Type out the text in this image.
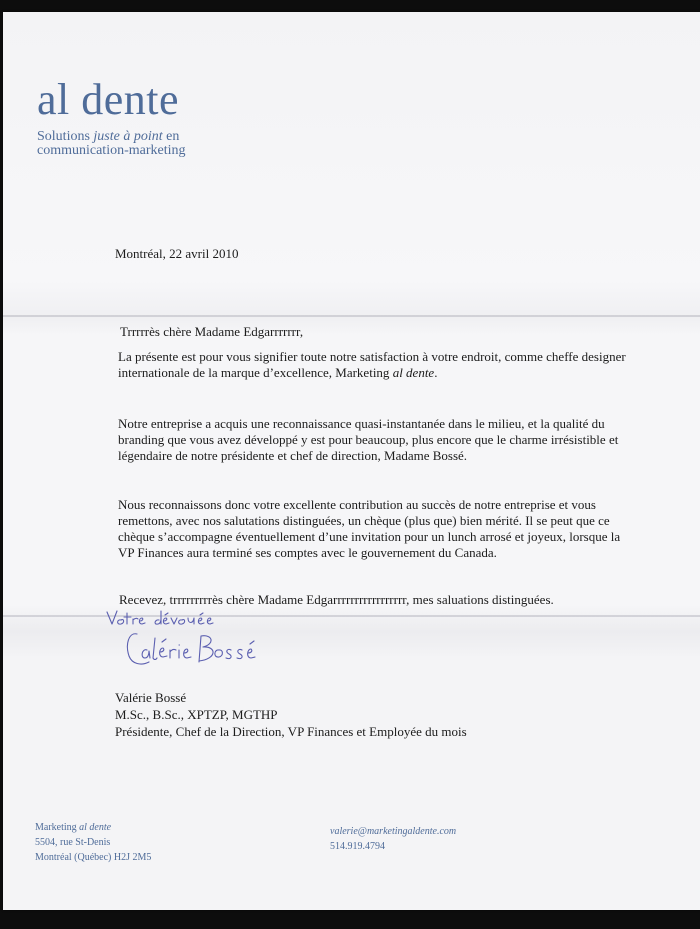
al dente
Solutions juste à point en
communication-marketing
Montréal, 22 avril 2010
Trrrrrès chère Madame Edgarrrrrrr,
La présente est pour vous signifier toute notre satisfaction à votre endroit, comme cheffe designer internationale de la marque d’excellence, Marketing al dente.
Notre entreprise a acquis une reconnaissance quasi-instantanée dans le milieu, et la qualité du branding que vous avez développé y est pour beaucoup, plus encore que le charme irrésistible et légendaire de notre présidente et chef de direction, Madame Bossé.
Nous reconnaissons donc votre excellente contribution au succès de notre entreprise et vous remettons, avec nos salutations distinguées, un chèque (plus que) bien mérité. Il se peut que ce chèque s’accompagne éventuellement d’une invitation pour un lunch arrosé et joyeux, lorsque la VP Finances aura terminé ses comptes avec le gouvernement du Canada.
Recevez, trrrrrrrrrès chère Madame Edgarrrrrrrrrrrrrrrrr, mes saluations distinguées.
Valérie Bossé
M.Sc., B.Sc., XPTZP, MGTHP
Présidente, Chef de la Direction, VP Finances et Employée du mois
Marketing al dente
5504, rue St-Denis
Montréal (Québec) H2J 2M5
valerie@marketingaldente.com
514.919.4794
